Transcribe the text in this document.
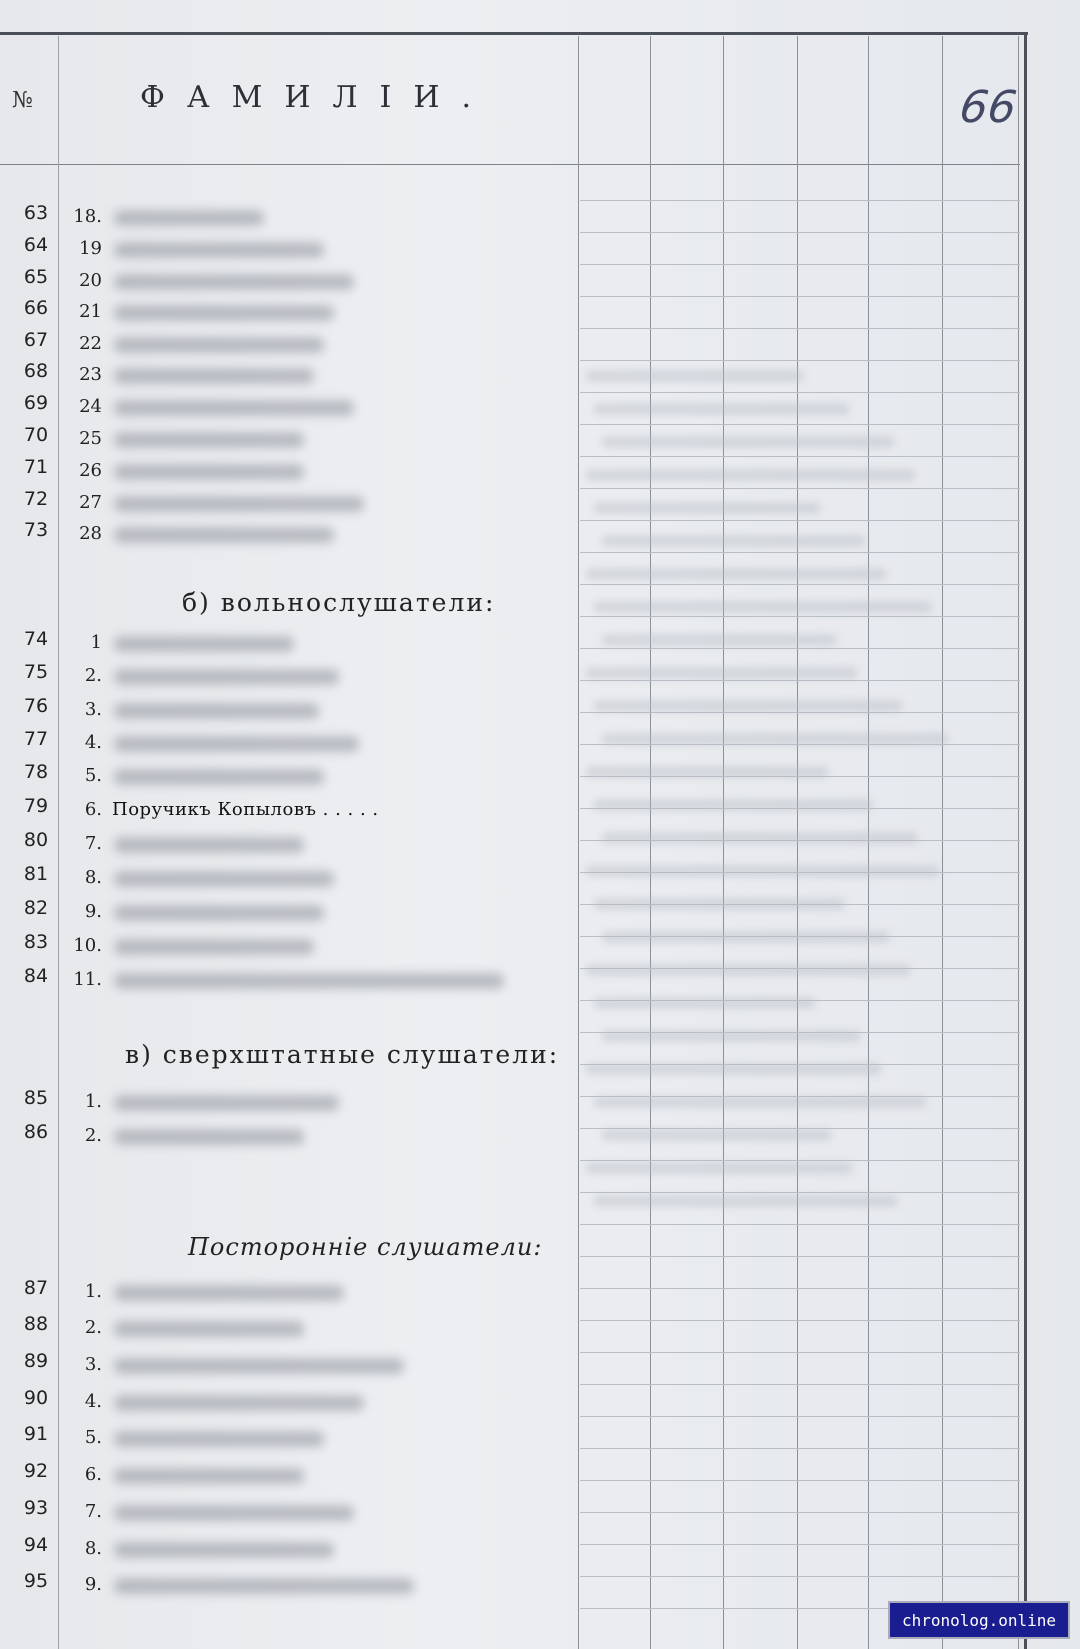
№	ФАМИЛІИ.	66
63	18.
64	19
65	20
66	21
67	22
68	23
69	24
70	25
71	26
72	27
73	28
74	1
75	2.
76	3.
77	4.
78	5.
79	6. Поручикъ Копыловъ . . . . .
80	7.
81	8.
82	9.
83	10.
84	11.
85	1.
86	2.
87	1.
88	2.
89	3.
90	4.
91	5.
92	6.
93	7.
94	8.
95	9.
б) вольнослушатели:
в) сверхштатные слушатели:
Посторонніе слушатели:
chronolog.online
